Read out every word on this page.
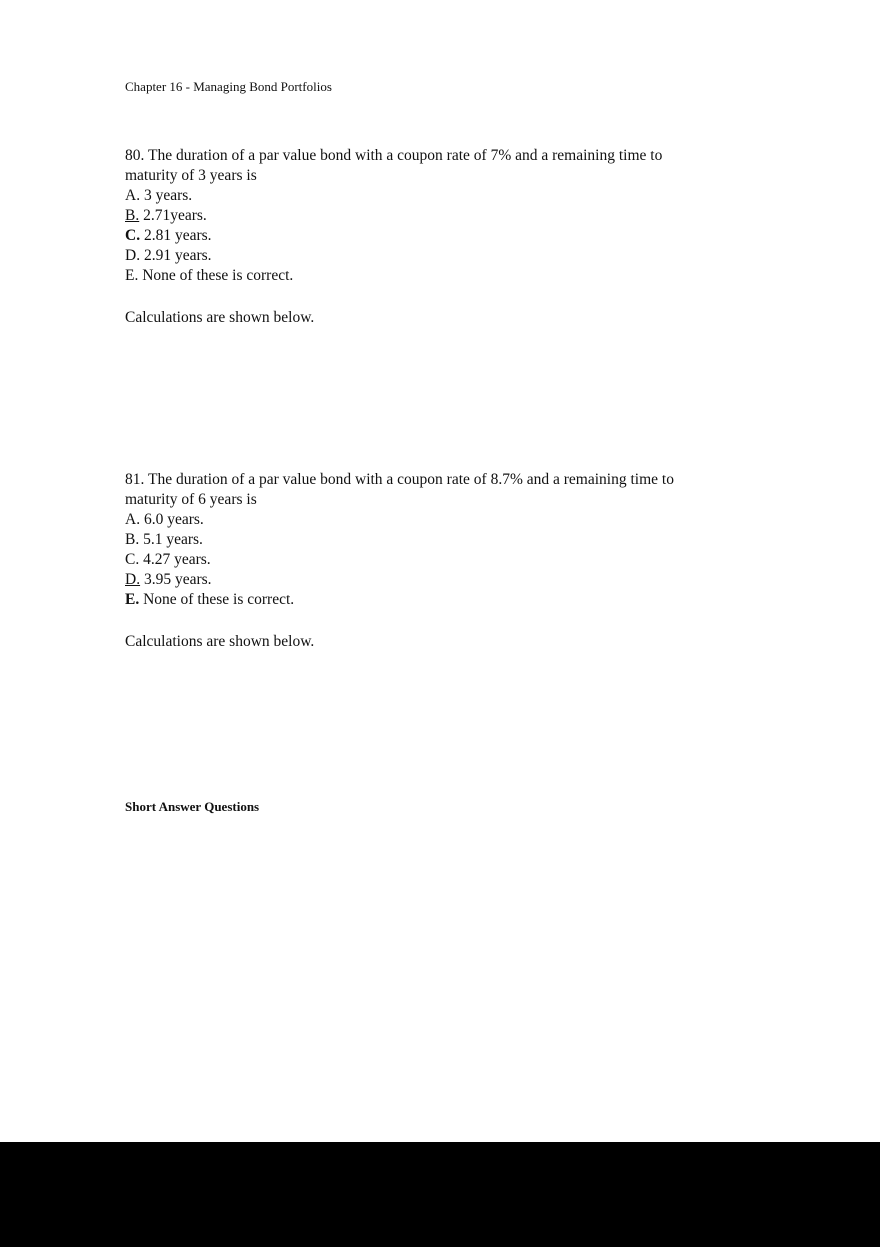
Chapter 16 - Managing Bond Portfolios
80. The duration of a par value bond with a coupon rate of 7% and a remaining time to
maturity of 3 years is
A. 3 years.
B. 2.71years.
C. 2.81 years.
D. 2.91 years.
E. None of these is correct.
Calculations are shown below.
81. The duration of a par value bond with a coupon rate of 8.7% and a remaining time to
maturity of 6 years is
A. 6.0 years.
B. 5.1 years.
C. 4.27 years.
D. 3.95 years.
E. None of these is correct.
Calculations are shown below.
Short Answer Questions
